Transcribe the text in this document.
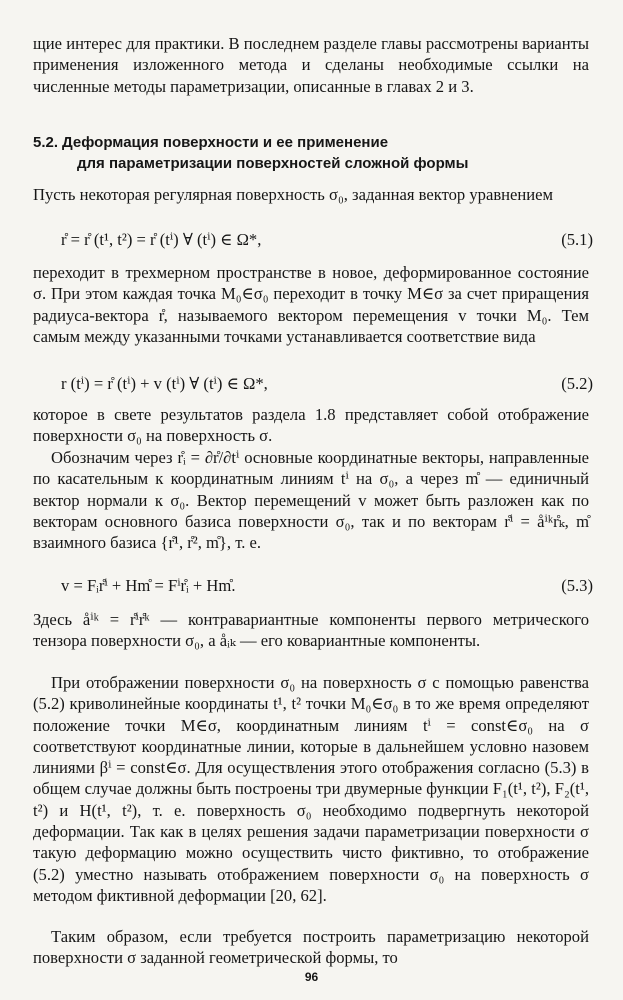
щие интерес для практики. В последнем разделе главы рассмотрены варианты применения изложенного метода и сделаны необходимые ссылки на численные методы параметризации, описанные в главах 2 и 3.

5.2. Деформация поверхности и ее применение
для параметризации поверхностей сложной формы

Пусть некоторая регулярная поверхность σ₀, заданная вектор уравнением

r̊ = r̊ (t¹, t²) = r̊ (tⁱ) ∀ (tⁱ) ∈ Ω*,	(5.1)

переходит в трехмерном пространстве в новое, деформированное состояние σ. При этом каждая точка M₀∈σ₀ переходит в точку M∈σ за счет приращения радиуса-вектора r̊, называемого вектором перемещения v точки M₀. Тем самым между указанными точками устанавливается соответствие вида

r (tⁱ) = r̊ (tⁱ) + v (tⁱ) ∀ (tⁱ) ∈ Ω*,	(5.2)

которое в свете результатов раздела 1.8 представляет собой отображение поверхности σ₀ на поверхность σ.

Обозначим через r̊ᵢ = ∂r̊/∂tⁱ основные координатные векторы, направленные по касательным к координатным линиям tⁱ на σ₀, а через m̊ — единичный вектор нормали к σ₀. Вектор перемещений v может быть разложен как по векторам основного базиса поверхности σ₀, так и по векторам r̊ⁱ = åⁱᵏr̊ₖ, m̊ взаимного базиса {r̊¹, r̊², m̊}, т. е.

v = Fᵢr̊ⁱ + Hm̊ = Fⁱr̊ᵢ + Hm̊.	(5.3)

Здесь åⁱᵏ = r̊ⁱr̊ᵏ — контравариантные компоненты первого метрического тензора поверхности σ₀, а åᵢₖ — его ковариантные компоненты.

При отображении поверхности σ₀ на поверхность σ с помощью равенства (5.2) криволинейные координаты t¹, t² точки M₀∈σ₀ в то же время определяют положение точки M∈σ, координатным линиям tⁱ = const∈σ₀ на σ соответствуют координатные линии, которые в дальнейшем условно назовем линиями βⁱ = const∈σ. Для осуществления этого отображения согласно (5.3) в общем случае должны быть построены три двумерные функции F₁(t¹, t²), F₂(t¹, t²) и H(t¹, t²), т. е. поверхность σ₀ необходимо подвергнуть некоторой деформации. Так как в целях решения задачи параметризации поверхности σ такую деформацию можно осуществить чисто фиктивно, то отображение (5.2) уместно называть отображением поверхности σ₀ на поверхность σ методом фиктивной деформации [20, 62].

Таким образом, если требуется построить параметризацию некоторой поверхности σ заданной геометрической формы, то

96
